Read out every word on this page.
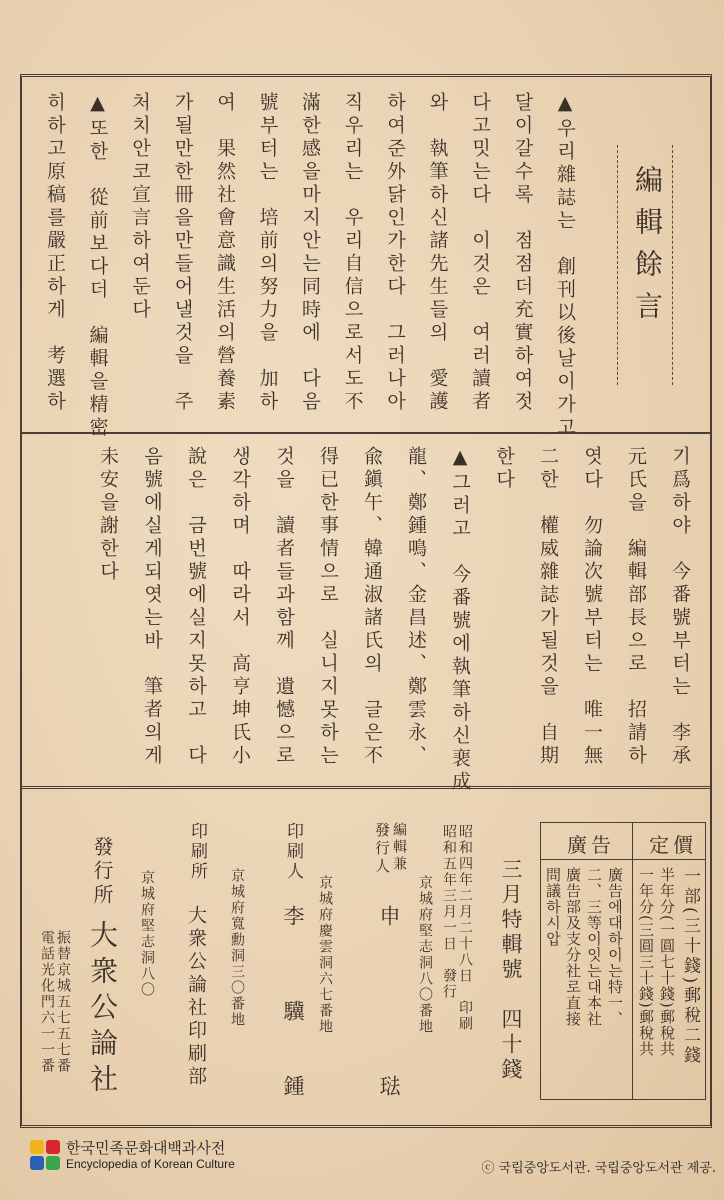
編輯餘言
▲우리雜誌는　創刊以後날이가고
달이갈수록　점점더充實하여젓
다고밋는다　이것은　여러讀者
와　執筆하신諸先生들의　愛護
하여준外닭인가한다　그러나아
직우리는　우리自信으로서도不
滿한感을마지안는同時에　다음
號부터는　培前의努力을　加하
여　果然社會意識生活의營養素
가될만한冊을만들어낼것을　주
처치안코宣言하여둔다
▲또한　從前보다더　編輯을精密
히하고原稿를嚴正하게　考選하
기爲하야　今番號부터는　李承
元氏을　編輯部長으로　招請하
엿다　勿論次號부터는　唯一無
二한　權威雜誌가될것을　自期
한다
▲그러고　今番號에執筆하신裵成
龍、鄭鍾鳴、金昌述、鄭雲永、
兪鎭午、韓通淑諸氏의　글은不
得已한事情으로　실니지못하는
것을　讀者들과함께　遺憾으로
생각하며　따라서　高亨坤氏小
說은　금번號에실지못하고　다
음號에실게되엿는바　筆者의게
未安을謝한다
定價
一部(三十錢)郵稅二錢
半年分(一圓七十錢)郵稅共
一年分(三圓三十錢)郵稅共
廣告
廣告에대하이는特一、
二、三等이잇는대本社
廣告部及支分社로直接
問議하시압
三月特輯號　四十錢
昭和四年二月二十八日　印刷
昭和五年三月一日　發行
京城府堅志洞八〇番地
編輯兼
發行人
申
琺
京城府慶雲洞六七番地
印刷人
李
驥
鍾
京城府寬勳洞三〇番地
印刷所
大衆公論社印刷部
京城府堅志洞八〇
發行所
大衆公論社
振替京城五七五七番
電話光化門六一一番
한국민족문화대백과사전
Encyclopedia of Korean Culture	ⓒ 국립중앙도서관. 국립중앙도서관 제공.
